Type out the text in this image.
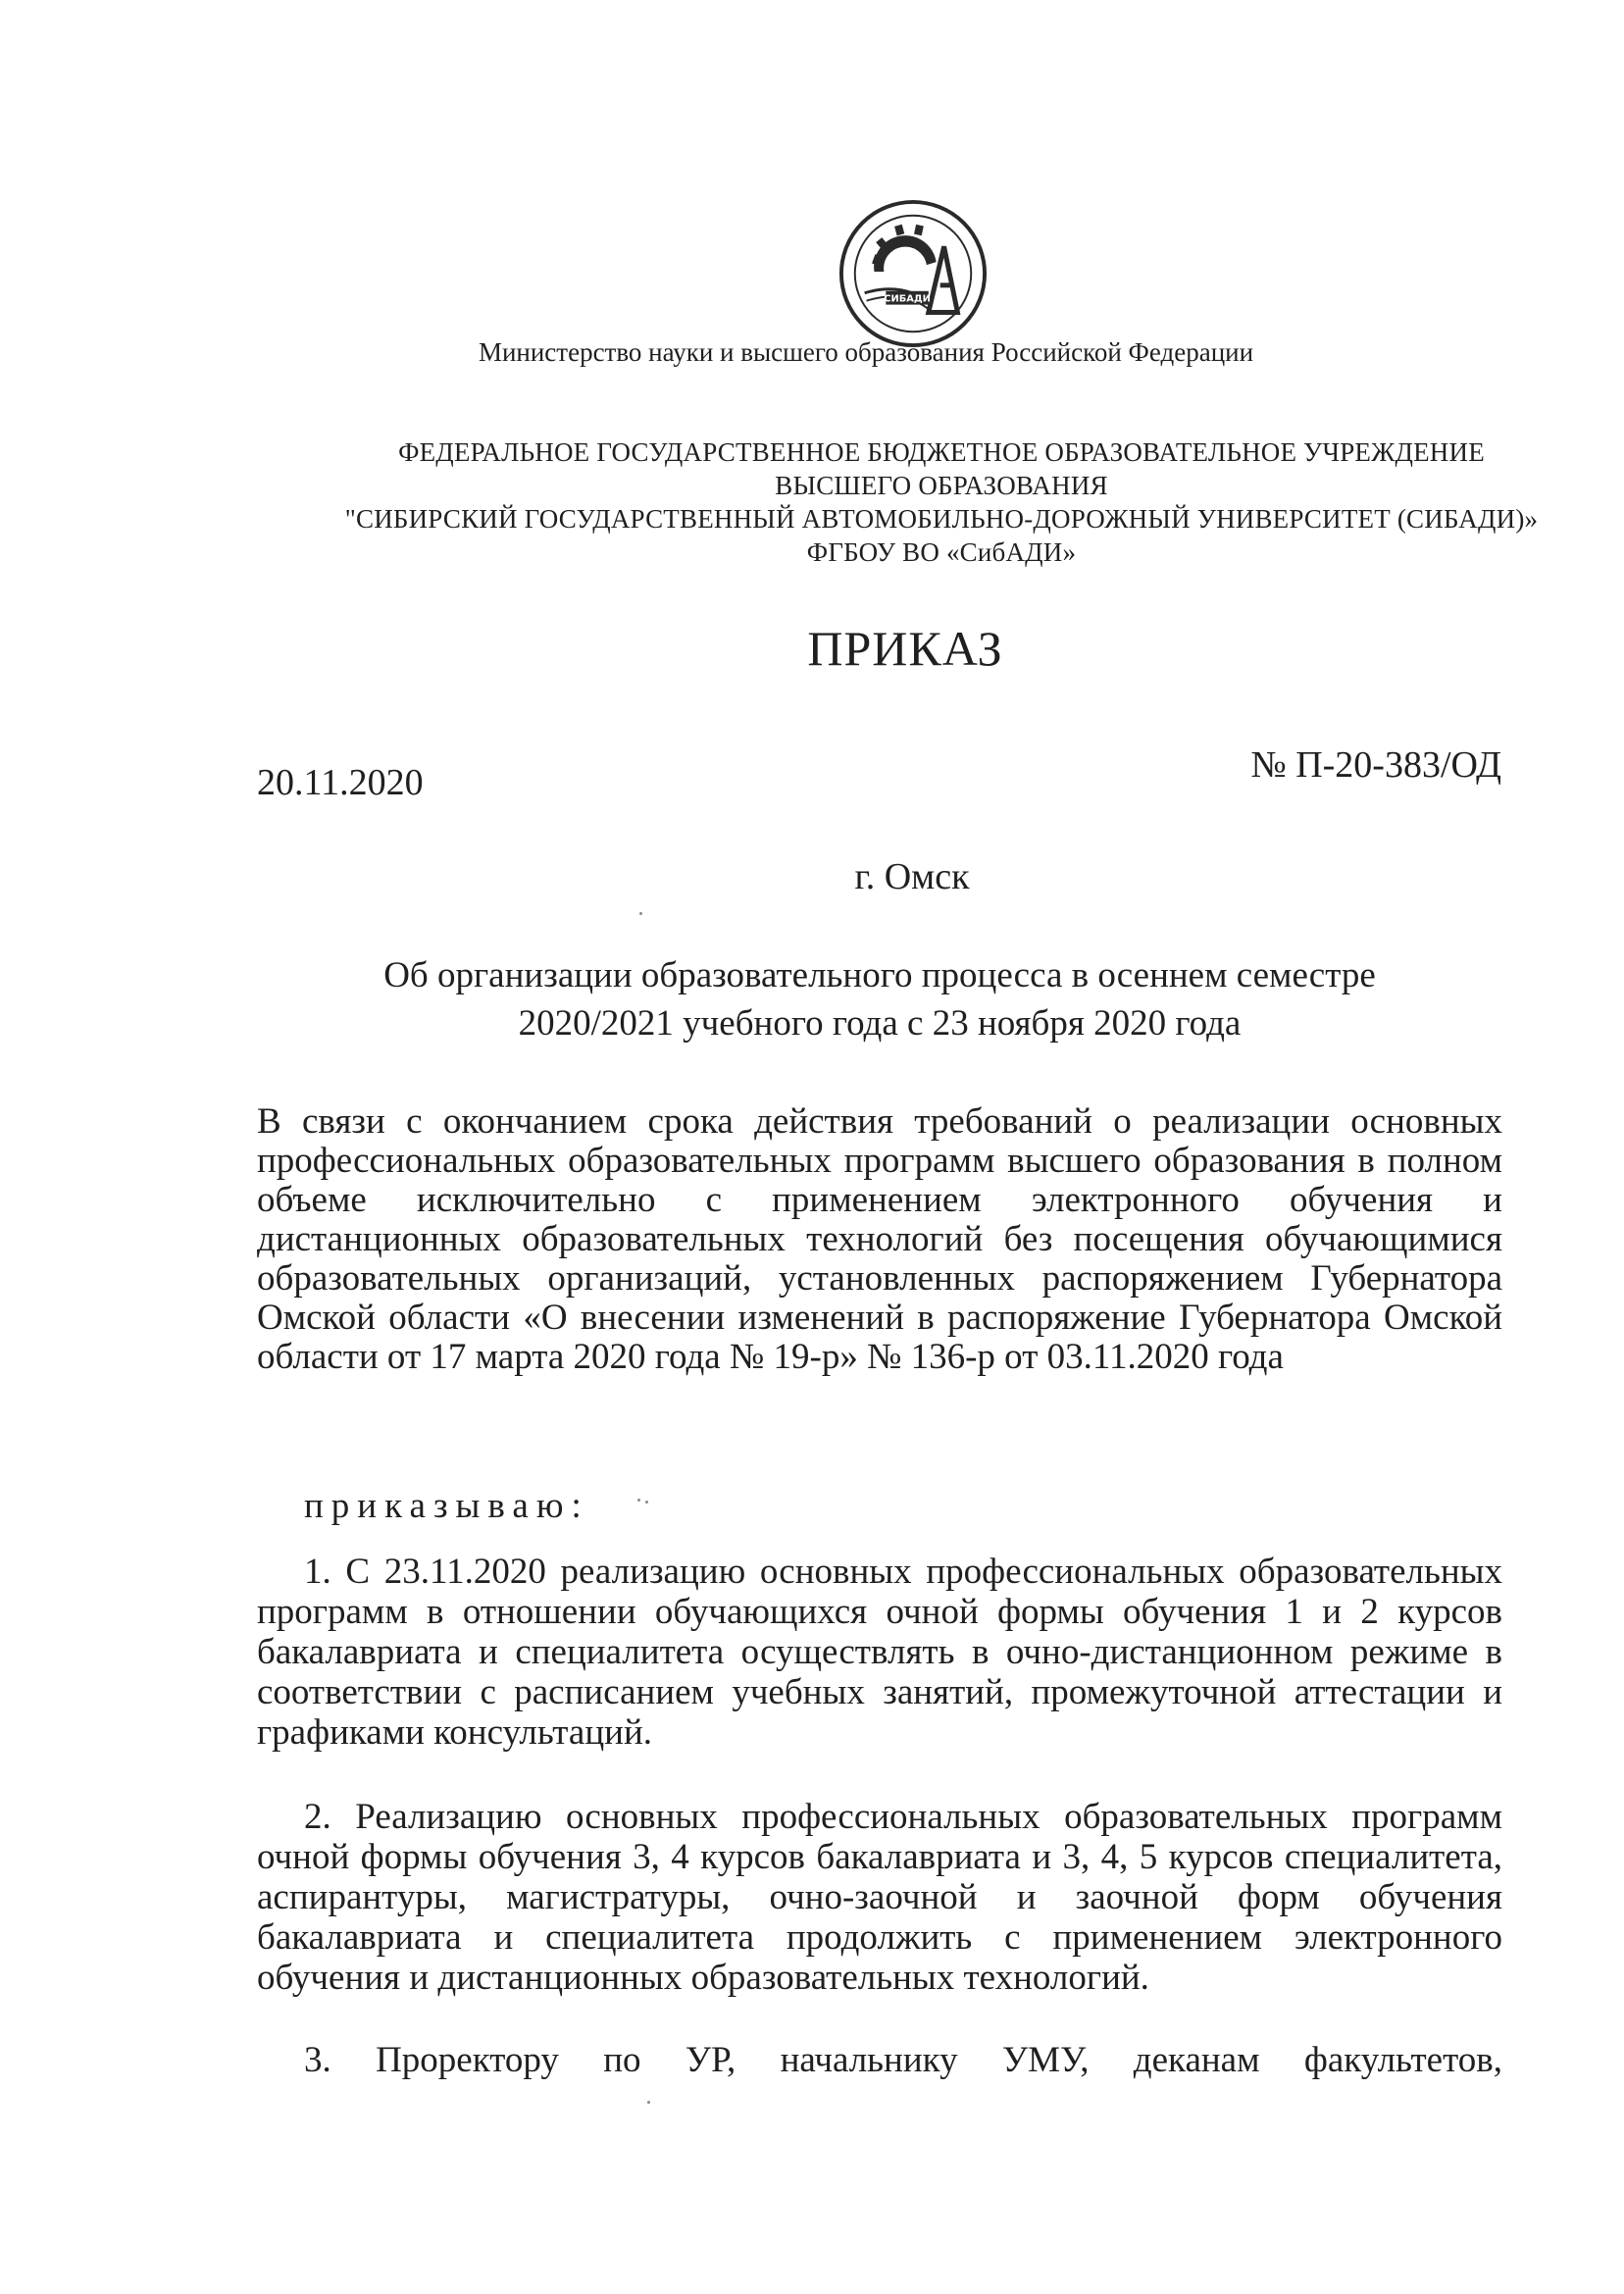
СИБАДИ
Министерство науки и высшего образования Российской Федерации
ФЕДЕРАЛЬНОЕ ГОСУДАРСТВЕННОЕ БЮДЖЕТНОЕ ОБРАЗОВАТЕЛЬНОЕ УЧРЕЖДЕНИЕ
ВЫСШЕГО ОБРАЗОВАНИЯ
"СИБИРСКИЙ ГОСУДАРСТВЕННЫЙ АВТОМОБИЛЬНО-ДОРОЖНЫЙ УНИВЕРСИТЕТ (СИБАДИ)»
ФГБОУ ВО «СибАДИ»
ПРИКАЗ
20.11.2020	№ П-20-383/ОД
г. Омск
Об организации образовательного процесса в осеннем семестре
2020/2021 учебного года с 23 ноября 2020 года

В связи с окончанием срока действия требований о реализации основных профессиональных образовательных программ высшего образования в полном объеме исключительно с применением электронного обучения и дистанционных образовательных технологий без посещения обучающимися образовательных организаций, установленных распоряжением Губернатора Омской области «О внесении изменений в распоряжение Губернатора Омской области от 17 марта 2020 года № 19-р» № 136-р от 03.11.2020 года

приказываю:

1. С 23.11.2020 реализацию основных профессиональных образовательных программ в отношении обучающихся очной формы обучения 1 и 2 курсов бакалавриата и специалитета осуществлять в очно-дистанционном режиме в соответствии с расписанием учебных занятий, промежуточной аттестации и графиками консультаций.

2. Реализацию основных профессиональных образовательных программ очной формы обучения 3, 4 курсов бакалавриата и 3, 4, 5 курсов специалитета, аспирантуры, магистратуры, очно-заочной и заочной форм обучения бакалавриата и специалитета продолжить с применением электронного обучения и дистанционных образовательных технологий.

3. Проректору по УР, начальнику УМУ, деканам факультетов,
